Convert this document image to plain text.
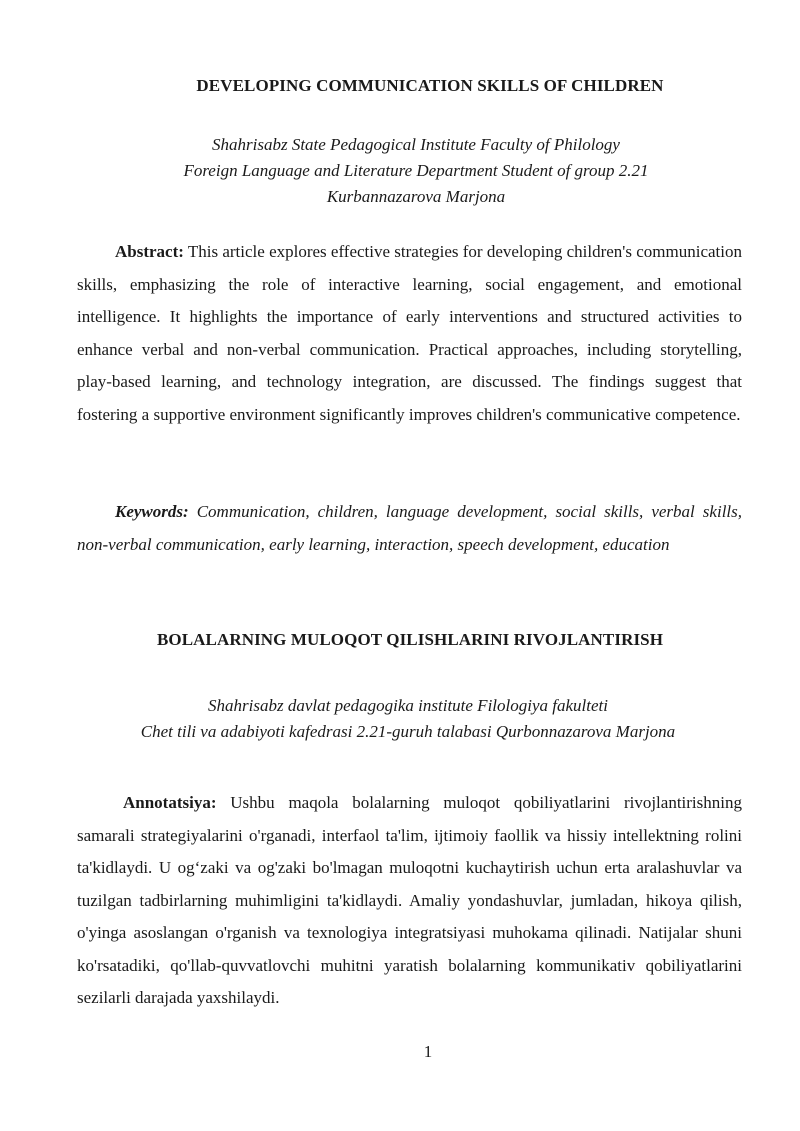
DEVELOPING COMMUNICATION SKILLS OF CHILDREN
Shahrisabz State Pedagogical Institute Faculty of Philology
Foreign Language and Literature Department Student of group 2.21
Kurbannazarova Marjona

Abstract: This article explores effective strategies for developing children's communication skills, emphasizing the role of interactive learning, social engagement, and emotional intelligence. It highlights the importance of early interventions and structured activities to enhance verbal and non-verbal communication. Practical approaches, including storytelling, play-based learning, and technology integration, are discussed. The findings suggest that fostering a supportive environment significantly improves children's communicative competence.

Keywords: Communication, children, language development, social skills, verbal skills, non-verbal communication, early learning, interaction, speech development, education

BOLALARNING MULOQOT QILISHLARINI RIVOJLANTIRISH
Shahrisabz davlat pedagogika institute Filologiya fakulteti
Chet tili va adabiyoti kafedrasi 2.21-guruh talabasi Qurbonnazarova Marjona

Annotatsiya: Ushbu maqola bolalarning muloqot qobiliyatlarini rivojlantirishning samarali strategiyalarini o'rganadi, interfaol ta'lim, ijtimoiy faollik va hissiy intellektning rolini ta'kidlaydi. U og‘zaki va og'zaki bo'lmagan muloqotni kuchaytirish uchun erta aralashuvlar va tuzilgan tadbirlarning muhimligini ta'kidlaydi. Amaliy yondashuvlar, jumladan, hikoya qilish, o'yinga asoslangan o'rganish va texnologiya integratsiyasi muhokama qilinadi. Natijalar shuni ko'rsatadiki, qo'llab-quvvatlovchi muhitni yaratish bolalarning kommunikativ qobiliyatlarini sezilarli darajada yaxshilaydi.

1
